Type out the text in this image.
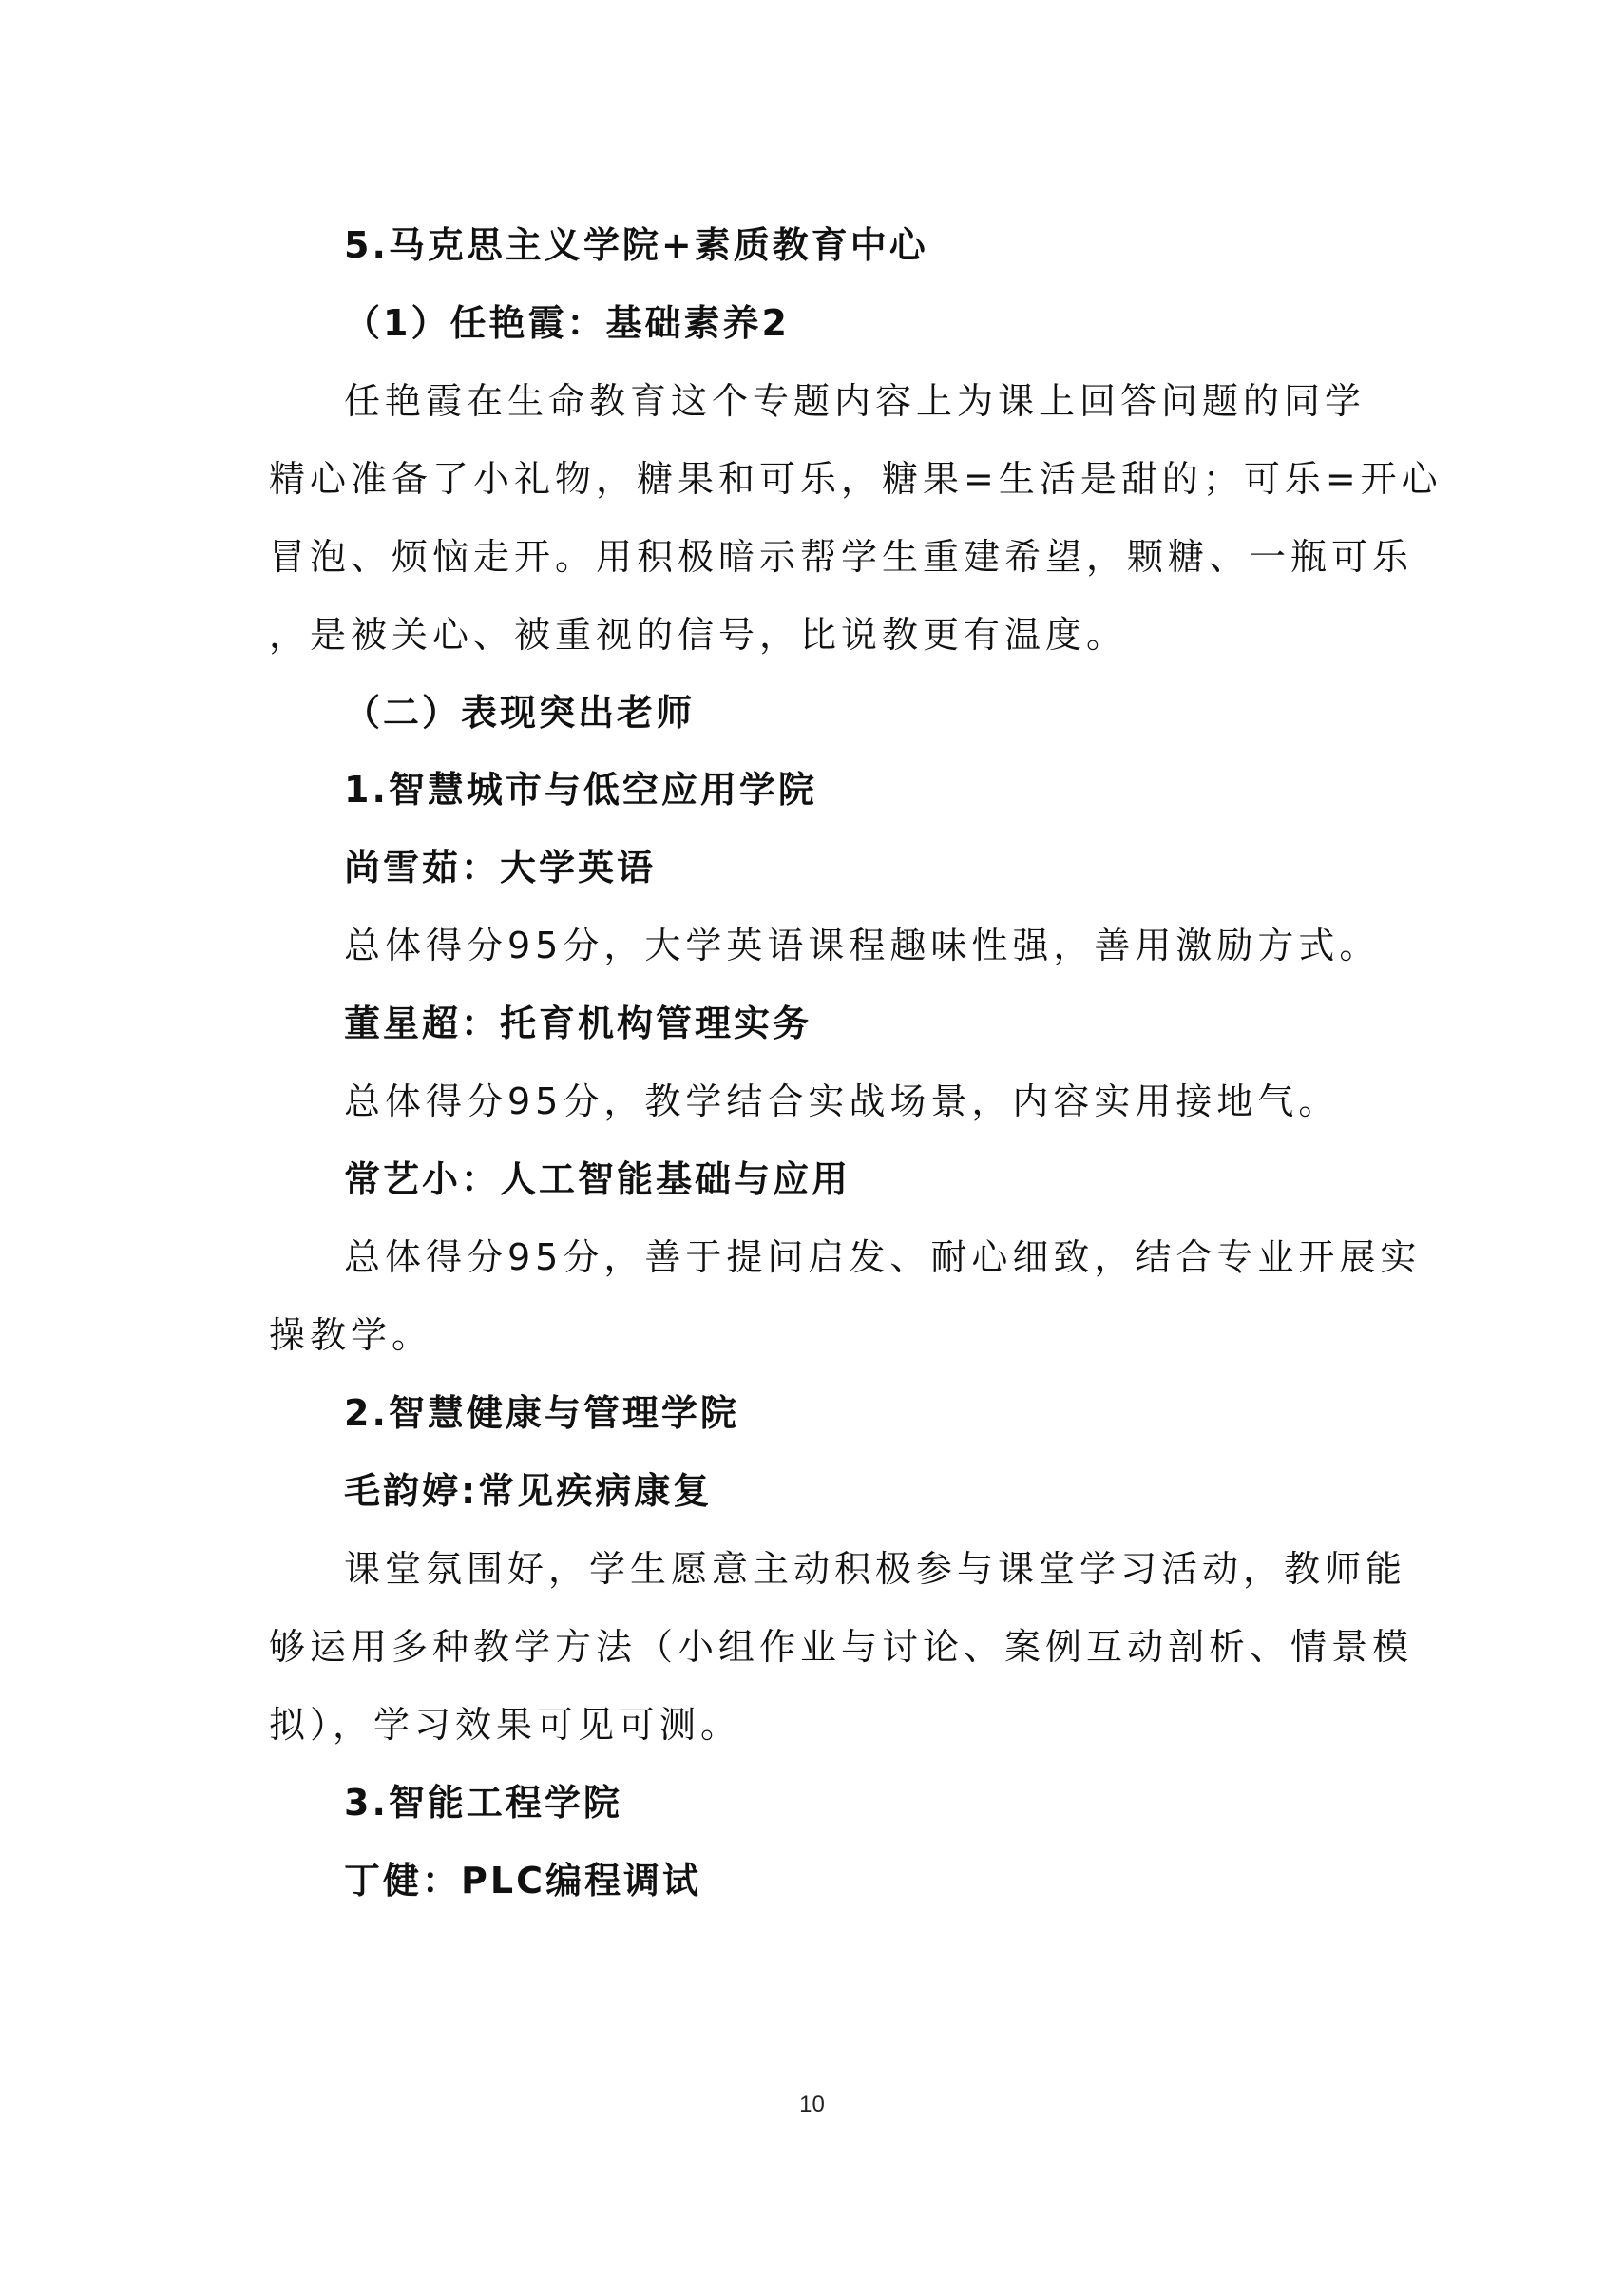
5.马克思主义学院+素质教育中心
（1）任艳霞：基础素养2
任艳霞在生命教育这个专题内容上为课上回答问题的同学
精心准备了小礼物，糖果和可乐，糖果=生活是甜的；可乐=开心
冒泡、烦恼走开。用积极暗示帮学生重建希望，颗糖、一瓶可乐
，是被关心、被重视的信号，比说教更有温度。
（二）表现突出老师
1.智慧城市与低空应用学院
尚雪茹：大学英语
总体得分95分，大学英语课程趣味性强，善用激励方式。
董星超：托育机构管理实务
总体得分95分，教学结合实战场景，内容实用接地气。
常艺小：人工智能基础与应用
总体得分95分，善于提问启发、耐心细致，结合专业开展实
操教学。
2.智慧健康与管理学院
毛韵婷:常见疾病康复
课堂氛围好，学生愿意主动积极参与课堂学习活动，教师能
够运用多种教学方法（小组作业与讨论、案例互动剖析、情景模
拟），学习效果可见可测。
3.智能工程学院
丁健：PLC编程调试
10
